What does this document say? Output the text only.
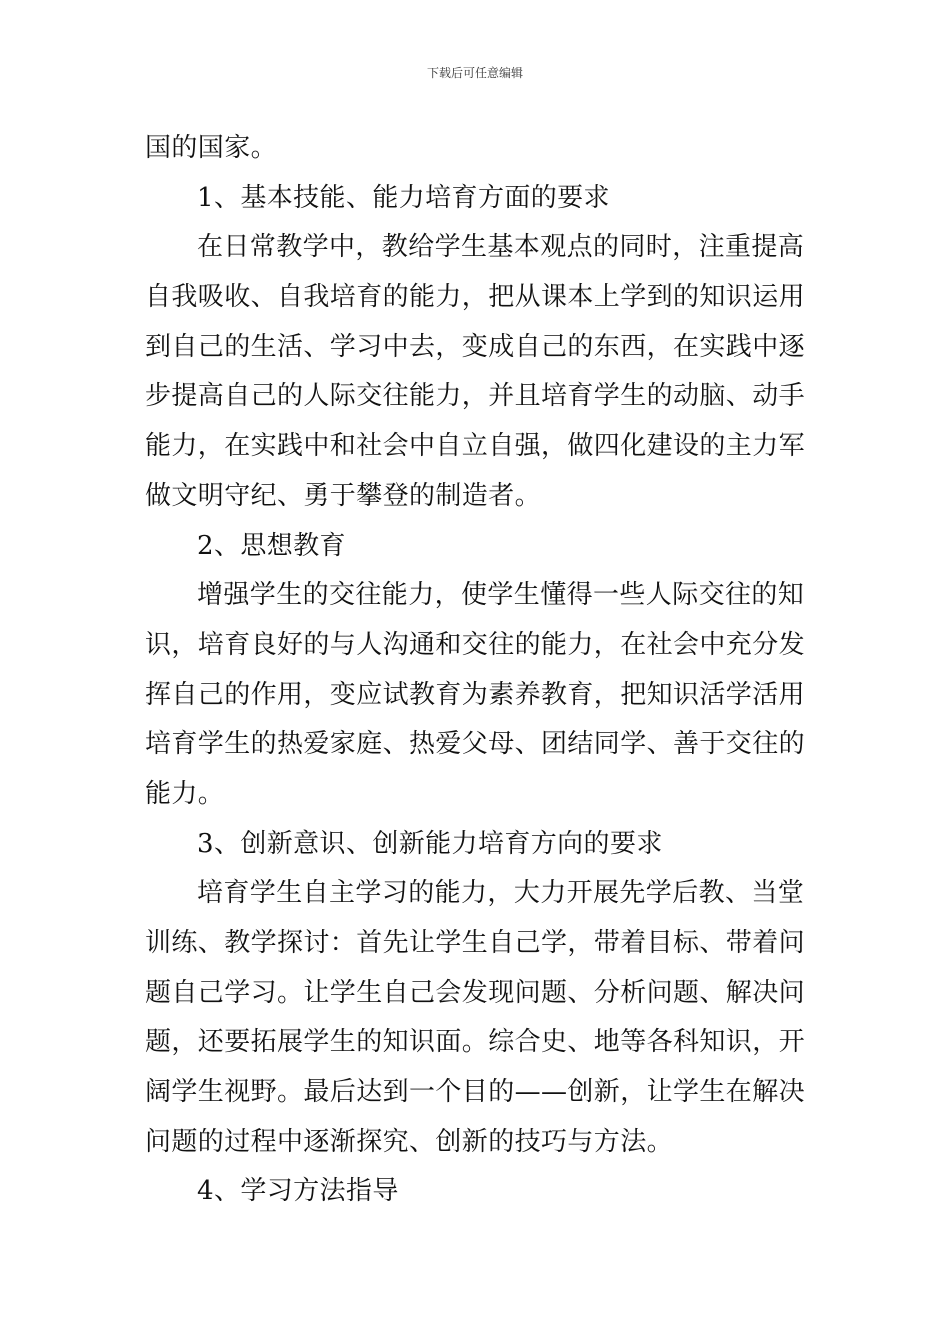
下载后可任意编辑
国的国家。
1、基本技能、能力培育方面的要求
在日常教学中，教给学生基本观点的同时，注重提高
自我吸收、自我培育的能力，把从课本上学到的知识运用
到自己的生活、学习中去，变成自己的东西，在实践中逐
步提高自己的人际交往能力，并且培育学生的动脑、动手
能力，在实践中和社会中自立自强，做四化建设的主力军
做文明守纪、勇于攀登的制造者。
2、思想教育
增强学生的交往能力，使学生懂得一些人际交往的知
识，培育良好的与人沟通和交往的能力，在社会中充分发
挥自己的作用，变应试教育为素养教育，把知识活学活用
培育学生的热爱家庭、热爱父母、团结同学、善于交往的
能力。
3、创新意识、创新能力培育方向的要求
培育学生自主学习的能力，大力开展先学后教、当堂
训练、教学探讨：首先让学生自己学，带着目标、带着问
题自己学习。让学生自己会发现问题、分析问题、解决问
题，还要拓展学生的知识面。综合史、地等各科知识，开
阔学生视野。最后达到一个目的——创新，让学生在解决
问题的过程中逐渐探究、创新的技巧与方法。
4、学习方法指导
